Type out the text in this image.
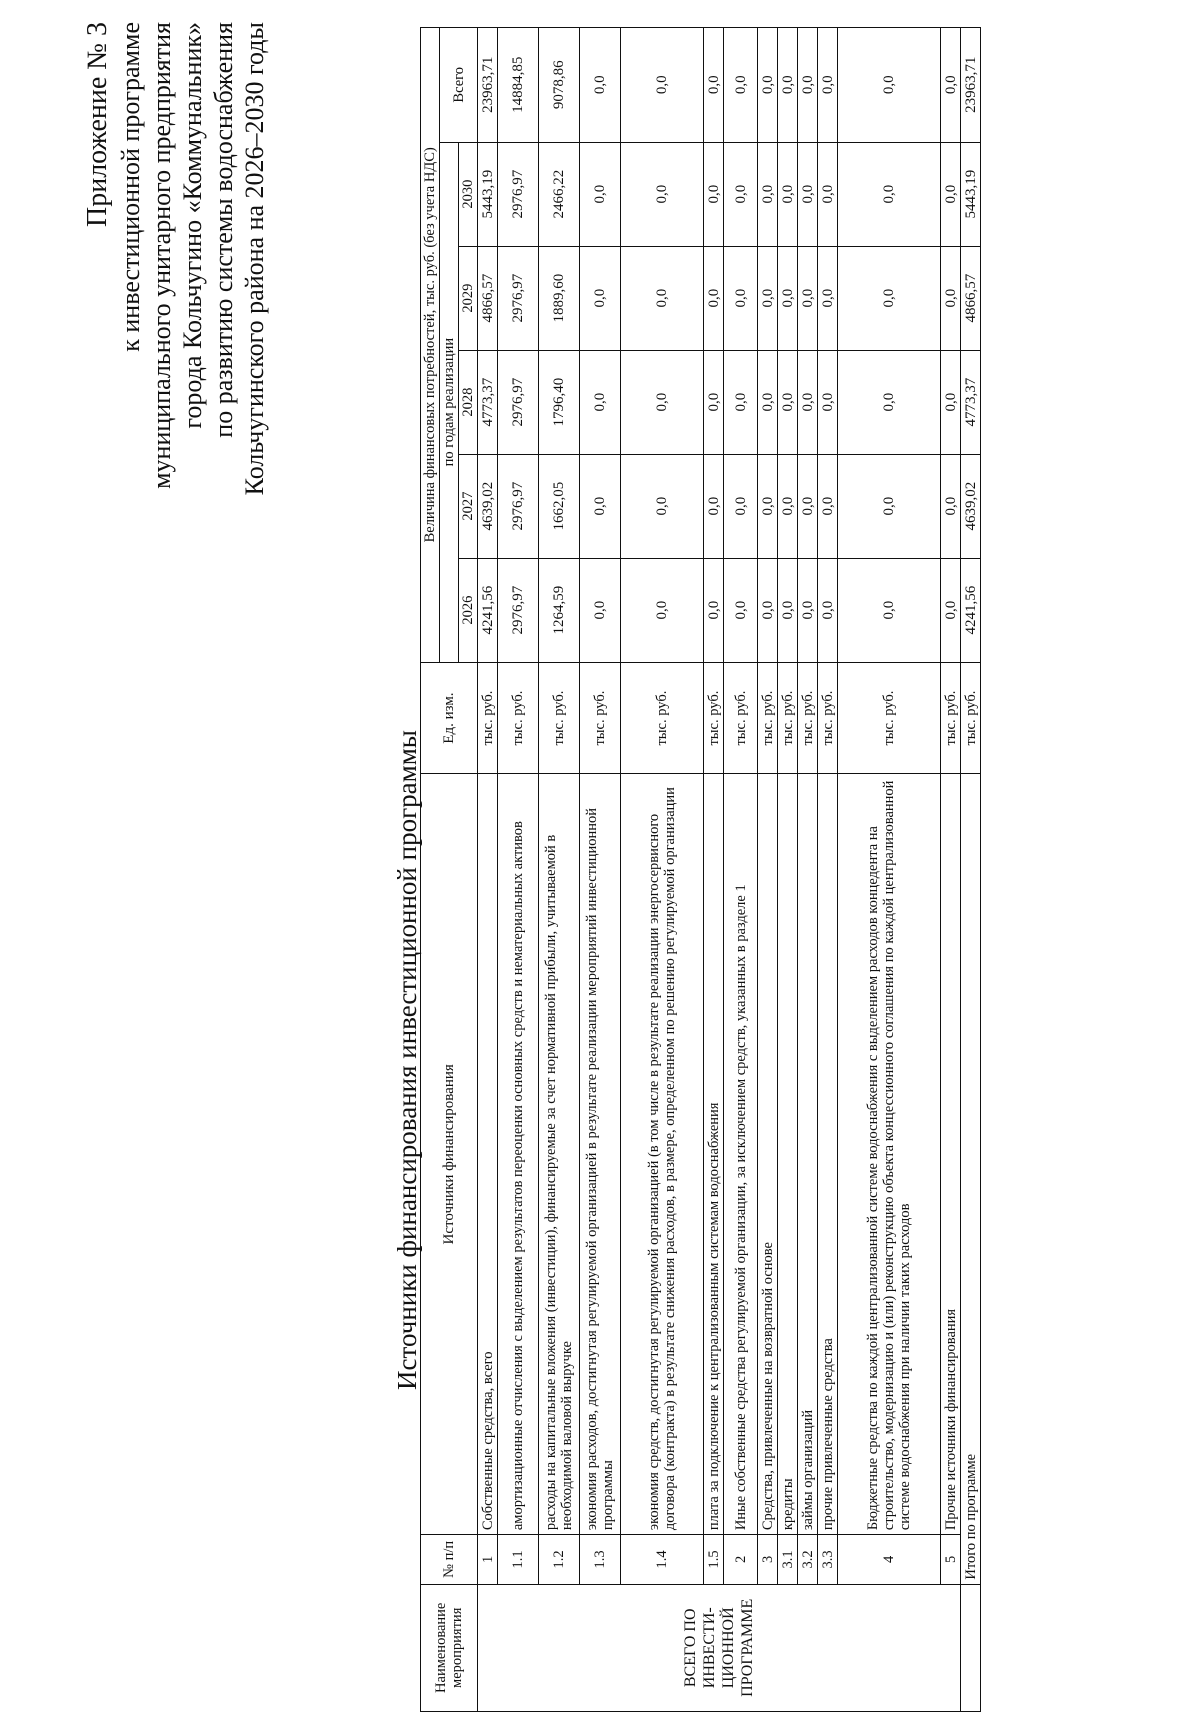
Приложение № 3 к инвестиционной программе муниципального унитарного предприятия города Кольчугино «Коммунальник» по развитию системы водоснабжения Кольчугинского района на 2026–2030 годы

Источники финансирования инвестиционной программы
Наименование мероприятия	№ п/п	Источники финансирования	Ед. изм.	Величина финансовых потребностей, тыс. руб. (без учета НДС)					
				по годам реализации					Всего
				2026	2027	2028	2029	2030	
ВСЕГО ПО ИНВЕСТИ-ЦИОННОЙ ПРОГРАММЕ	1	Собственные средства, всего	тыс. руб.	4241,56	4639,02	4773,37	4866,57	5443,19	23963,71
	1.1	амортизационные отчисления с выделением результатов переоценки основных средств и нематериальных активов	тыс. руб.	2976,97	2976,97	2976,97	2976,97	2976,97	14884,85
	1.2	расходы на капитальные вложения (инвестиции), финансируемые за счет нормативной прибыли, учитываемой в необходимой валовой выручке	тыс. руб.	1264,59	1662,05	1796,40	1889,60	2466,22	9078,86
	1.3	экономия расходов, достигнутая регулируемой организацией в результате реализации мероприятий инвестиционной программы	тыс. руб.	0,0	0,0	0,0	0,0	0,0	0,0
	1.4	экономия средств, достигнутая регулируемой организацией (в том числе в результате реализации энергосервисного договора (контракта) в результате снижения расходов, в размере, определенном по решению регулируемой организации	тыс. руб.	0,0	0,0	0,0	0,0	0,0	0,0
	1.5	плата за подключение к централизованным системам водоснабжения	тыс. руб.	0,0	0,0	0,0	0,0	0,0	0,0
	2	Иные собственные средства регулируемой организации, за исключением средств, указанных в разделе 1	тыс. руб.	0,0	0,0	0,0	0,0	0,0	0,0
	3	Средства, привлеченные на возвратной основе	тыс. руб.	0,0	0,0	0,0	0,0	0,0	0,0
	3.1	кредиты	тыс. руб.	0,0	0,0	0,0	0,0	0,0	0,0
	3.2	займы организаций	тыс. руб.	0,0	0,0	0,0	0,0	0,0	0,0
	3.3	прочие привлеченные средства	тыс. руб.	0,0	0,0	0,0	0,0	0,0	0,0
	4	Бюджетные средства по каждой централизованной системе водоснабжения с выделением расходов концедента на строительство, модернизацию и (или) реконструкцию объекта концессионного соглашения по каждой централизованной системе водоснабжения при наличии таких расходов	тыс. руб.	0,0	0,0	0,0	0,0	0,0	0,0
	5	Прочие источники финансирования	тыс. руб.	0,0	0,0	0,0	0,0	0,0	0,0
	Итого по программе		тыс. руб.	4241,56	4639,02	4773,37	4866,57	5443,19	23963,71
